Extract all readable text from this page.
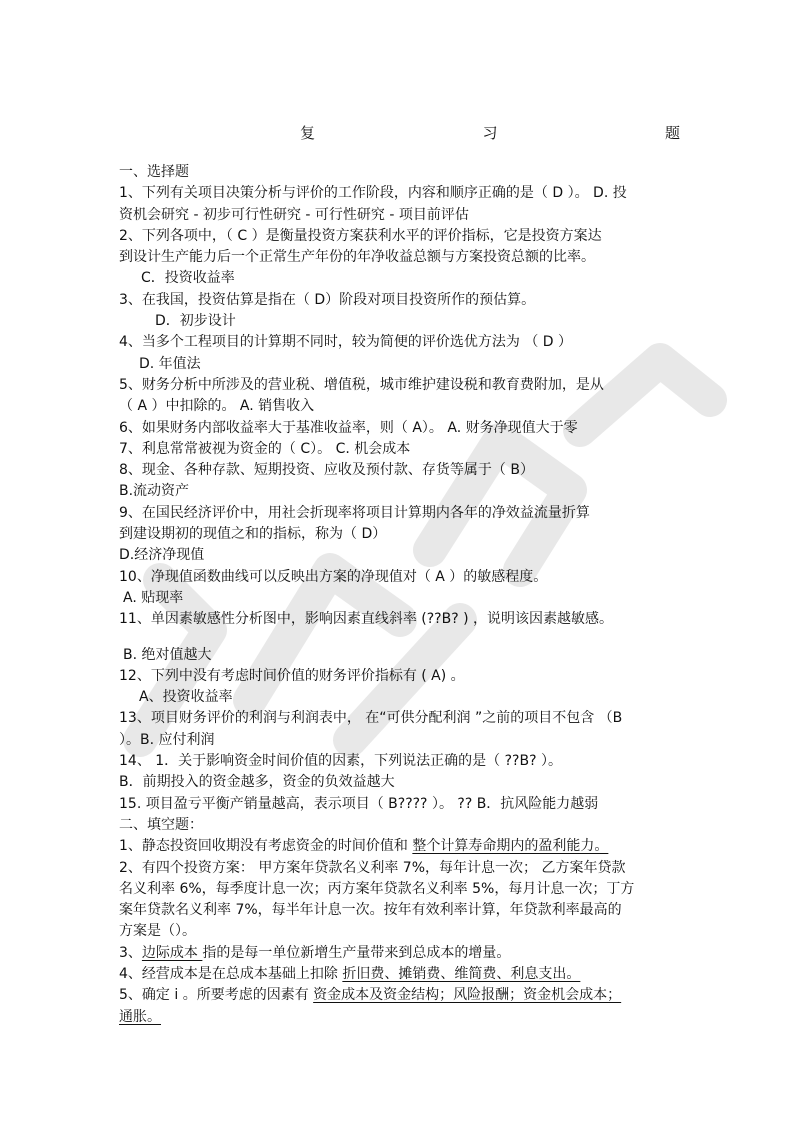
复	习	题
一、选择题
1、下列有关项目决策分析与评价的工作阶段，内容和顺序正确的是（ D ）。 D. 投
资机会研究 - 初步可行性研究 - 可行性研究 - 项目前评估
2、下列各项中，（ C ）是衡量投资方案获利水平的评价指标，它是投资方案达
到设计生产能力后一个正常生产年份的年净收益总额与方案投资总额的比率。
C．投资收益率
3、在我国，投资估算是指在（ D）阶段对项目投资所作的预估算。
D．初步设计
4、当多个工程项目的计算期不同时，较为简便的评价选优方法为 （ D ）
D. 年值法
5、财务分析中所涉及的营业税、增值税，城市维护建设税和教育费附加，是从
（ A ）中扣除的。 A. 销售收入
6、如果财务内部收益率大于基准收益率，则（ A）。 A. 财务净现值大于零
7、利息常常被视为资金的（ C）。 C. 机会成本
8、现金、各种存款、短期投资、应收及预付款、存货等属于（ B）
B.流动资产
9、在国民经济评价中，用社会折现率将项目计算期内各年的净效益流量折算
到建设期初的现值之和的指标，称为（ D）
D.经济净现值
10、净现值函数曲线可以反映出方案的净现值对（ A ）的敏感程度。
A. 贴现率
11、单因素敏感性分析图中，影响因素直线斜率 (??B? ) ，说明该因素越敏感。
B. 绝对值越大
12、下列中没有考虑时间价值的财务评价指标有 ( A) 。
A、投资收益率
13、项目财务评价的利润与利润表中， 在“可供分配利润 ”之前的项目不包含 （B
）。B. 应付利润
14、 1．关于影响资金时间价值的因素，下列说法正确的是（ ??B? ）。
B．前期投入的资金越多，资金的负效益越大
15. 项目盈亏平衡产销量越高，表示项目（ B???? ）。 ?? B．抗风险能力越弱
二、填空题：
1、静态投资回收期没有考虑资金的时间价值和 整个计算寿命期内的盈利能力。
2、有四个投资方案： 甲方案年贷款名义利率 7%，每年计息一次； 乙方案年贷款
名义利率 6%，每季度计息一次；丙方案年贷款名义利率 5%，每月计息一次；丁方
案年贷款名义利率 7%，每半年计息一次。按年有效利率计算，年贷款利率最高的
方案是（）。
3、边际成本 指的是每一单位新增生产量带来到总成本的增量。
4、经营成本是在总成本基础上扣除 折旧费、摊销费、维简费、利息支出。
5、确定 i 。所要考虑的因素有 资金成本及资金结构；风险报酬；资金机会成本；
通胀。
